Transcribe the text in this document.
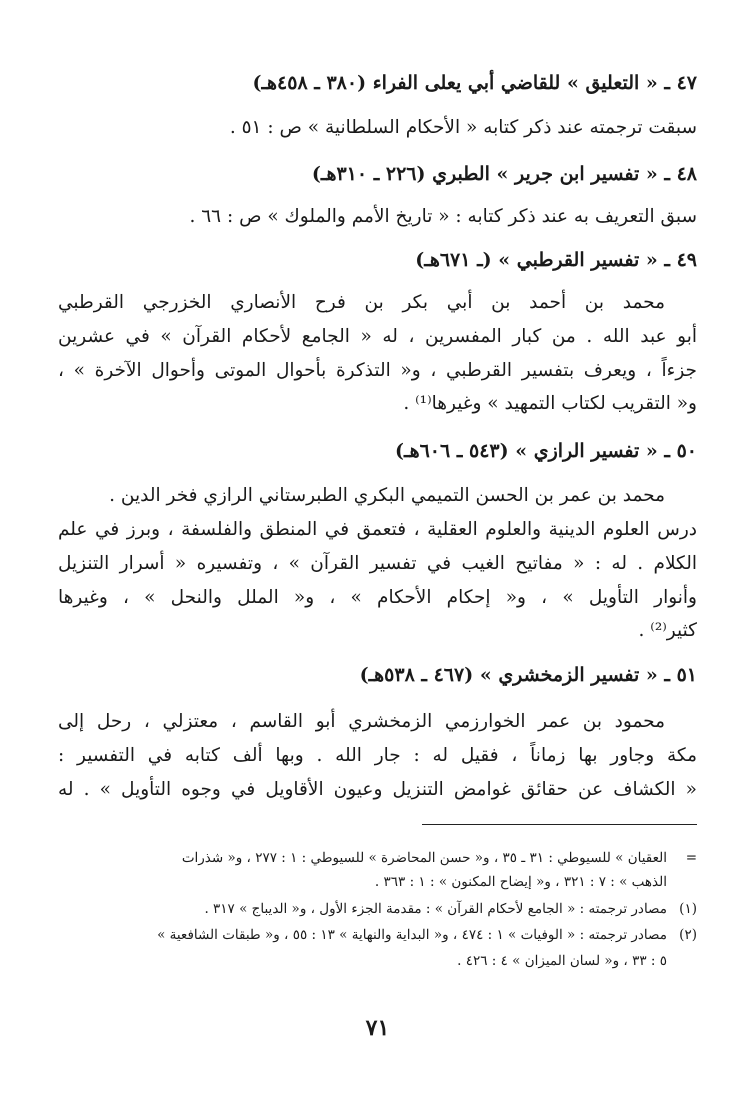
٤٧ ـ « التعليق » للقاضي أبي يعلى الفراء (٣٨٠ ـ ٤٥٨هـ)
سبقت ترجمته عند ذكر كتابه « الأحكام السلطانية » ص : ٥١ .
٤٨ ـ « تفسير ابن جرير » الطبري (٢٢٦ ـ ٣١٠هـ)
سبق التعريف به عند ذكر كتابه : « تاريخ الأمم والملوك » ص : ٦٦ .
٤٩ ـ « تفسير القرطبي » (ـ ٦٧١هـ)
محمد بن أحمد بن أبي بكر بن فرح الأنصاري الخزرجي القرطبي
أبو عبد الله . من كبار المفسرين ، له « الجامع لأحكام القرآن » في عشرين
جزءاً ، ويعرف بتفسير القرطبي ، و« التذكرة بأحوال الموتى وأحوال الآخرة » ،
و« التقريب لكتاب التمهيد » وغيرها⁽¹⁾ .
٥٠ ـ « تفسير الرازي » (٥٤٣ ـ ٦٠٦هـ)
محمد بن عمر بن الحسن التميمي البكري الطبرستاني الرازي فخر الدين .
درس العلوم الدينية والعلوم العقلية ، فتعمق في المنطق والفلسفة ، وبرز في علم
الكلام . له : « مفاتيح الغيب في تفسير القرآن » ، وتفسيره « أسرار التنزيل
وأنوار التأويل » ، و« إحكام الأحكام » ، و« الملل والنحل » ، وغيرها
كثير⁽²⁾ .
٥١ ـ « تفسير الزمخشري » (٤٦٧ ـ ٥٣٨هـ)
محمود بن عمر الخوارزمي الزمخشري أبو القاسم ، معتزلي ، رحل إلى
مكة وجاور بها زماناً ، فقيل له : جار الله . وبها ألف كتابه في التفسير :
« الكشاف عن حقائق غوامض التنزيل وعيون الأقاويل في وجوه التأويل » . له
=العقيان » للسيوطي : ٣١ ـ ٣٥ ، و« حسن المحاضرة » للسيوطي : ١ : ٢٧٧ ، و« شذرات
الذهب » : ٧ : ٣٢١ ، و« إيضاح المكنون » : ١ : ٣٦٣ .
(١)مصادر ترجمته : « الجامع لأحكام القرآن » : مقدمة الجزء الأول ، و« الديباج » ٣١٧ .
(٢)مصادر ترجمته : « الوفيات » ١ : ٤٧٤ ، و« البداية والنهاية » ١٣ : ٥٥ ، و« طبقات الشافعية »
٥ : ٣٣ ، و« لسان الميزان » ٤ : ٤٢٦ .
٧١
